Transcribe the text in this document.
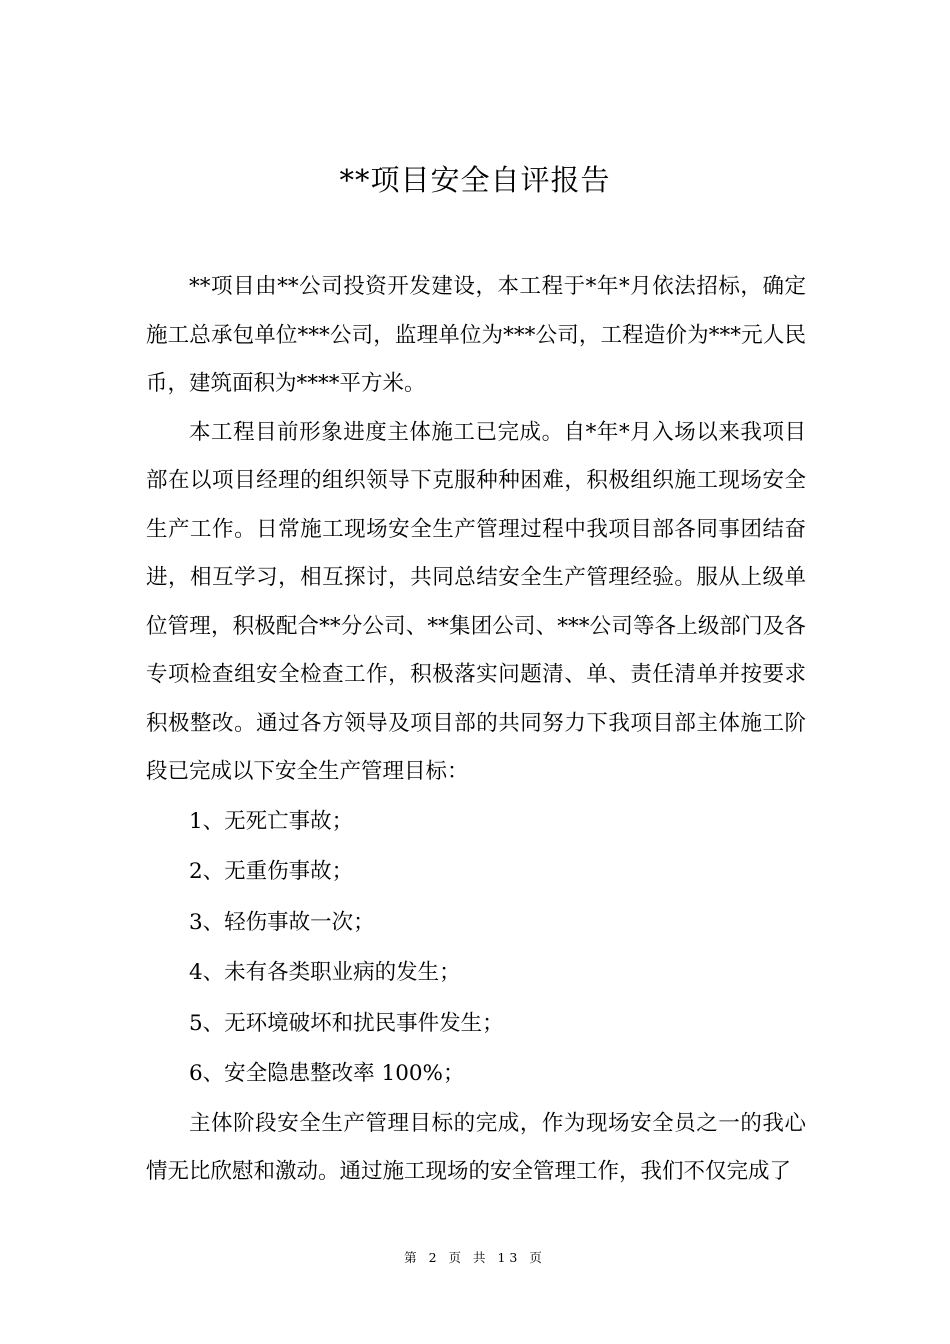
**项目安全自评报告

**项目由**公司投资开发建设，本工程于*年*月依法招标，确定施工总承包单位***公司，监理单位为***公司，工程造价为***元人民币，建筑面积为****平方米。

本工程目前形象进度主体施工已完成。自*年*月入场以来我项目部在以项目经理的组织领导下克服种种困难，积极组织施工现场安全生产工作。日常施工现场安全生产管理过程中我项目部各同事团结奋进，相互学习，相互探讨，共同总结安全生产管理经验。服从上级单位管理，积极配合**分公司、**集团公司、***公司等各上级部门及各专项检查组安全检查工作，积极落实问题清、单、责任清单并按要求积极整改。通过各方领导及项目部的共同努力下我项目部主体施工阶段已完成以下安全生产管理目标：

1、无死亡事故；

2、无重伤事故；

3、轻伤事故一次；

4、未有各类职业病的发生；

5、无环境破坏和扰民事件发生；

6、安全隐患整改率 100%；

主体阶段安全生产管理目标的完成，作为现场安全员之一的我心情无比欣慰和激动。通过施工现场的安全管理工作，我们不仅完成了

第 2 页 共 13 页
